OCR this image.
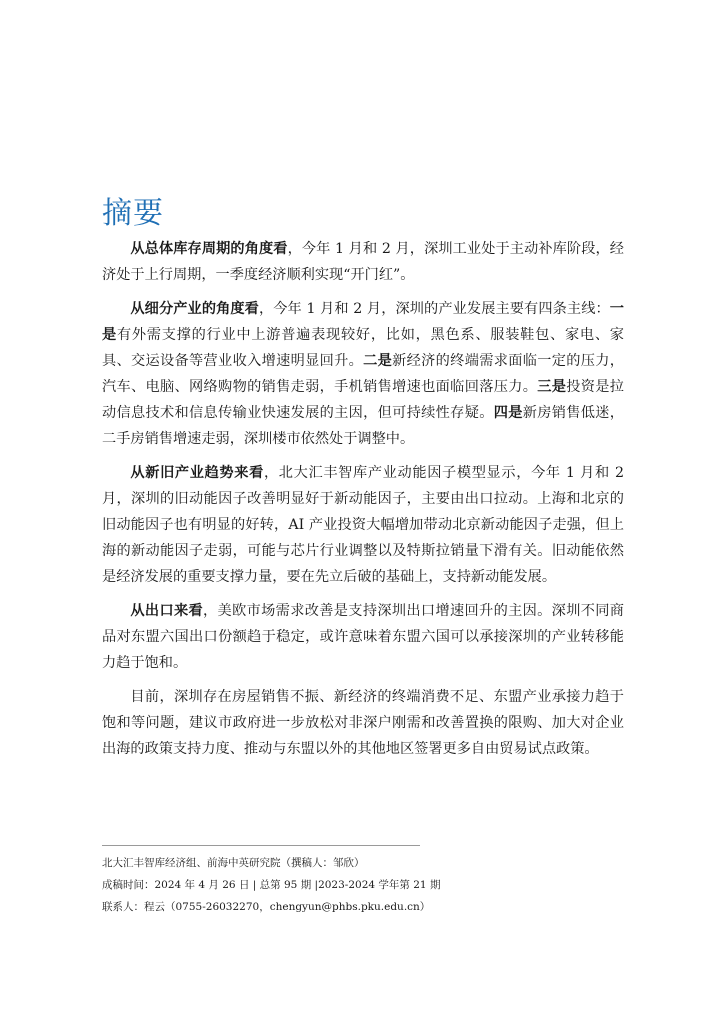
摘要

从总体库存周期的角度看，今年 1 月和 2 月，深圳工业处于主动补库阶段，经济处于上行周期，一季度经济顺利实现“开门红”。

从细分产业的角度看，今年 1 月和 2 月，深圳的产业发展主要有四条主线：一是有外需支撑的行业中上游普遍表现较好，比如，黑色系、服装鞋包、家电、家具、交运设备等营业收入增速明显回升。二是新经济的终端需求面临一定的压力，汽车、电脑、网络购物的销售走弱，手机销售增速也面临回落压力。三是投资是拉动信息技术和信息传输业快速发展的主因，但可持续性存疑。四是新房销售低迷，二手房销售增速走弱，深圳楼市依然处于调整中。

从新旧产业趋势来看，北大汇丰智库产业动能因子模型显示，今年 1 月和 2 月，深圳的旧动能因子改善明显好于新动能因子，主要由出口拉动。上海和北京的旧动能因子也有明显的好转，AI 产业投资大幅增加带动北京新动能因子走强，但上海的新动能因子走弱，可能与芯片行业调整以及特斯拉销量下滑有关。旧动能依然是经济发展的重要支撑力量，要在先立后破的基础上，支持新动能发展。

从出口来看，美欧市场需求改善是支持深圳出口增速回升的主因。深圳不同商品对东盟六国出口份额趋于稳定，或许意味着东盟六国可以承接深圳的产业转移能力趋于饱和。

目前，深圳存在房屋销售不振、新经济的终端消费不足、东盟产业承接力趋于饱和等问题，建议市政府进一步放松对非深户刚需和改善置换的限购、加大对企业出海的政策支持力度、推动与东盟以外的其他地区签署更多自由贸易试点政策。

北大汇丰智库经济组、前海中英研究院（撰稿人：邹欣）
成稿时间：2024 年 4 月 26 日 | 总第 95 期 |2023-2024 学年第 21 期
联系人：程云（0755-26032270，chengyun@phbs.pku.edu.cn）
